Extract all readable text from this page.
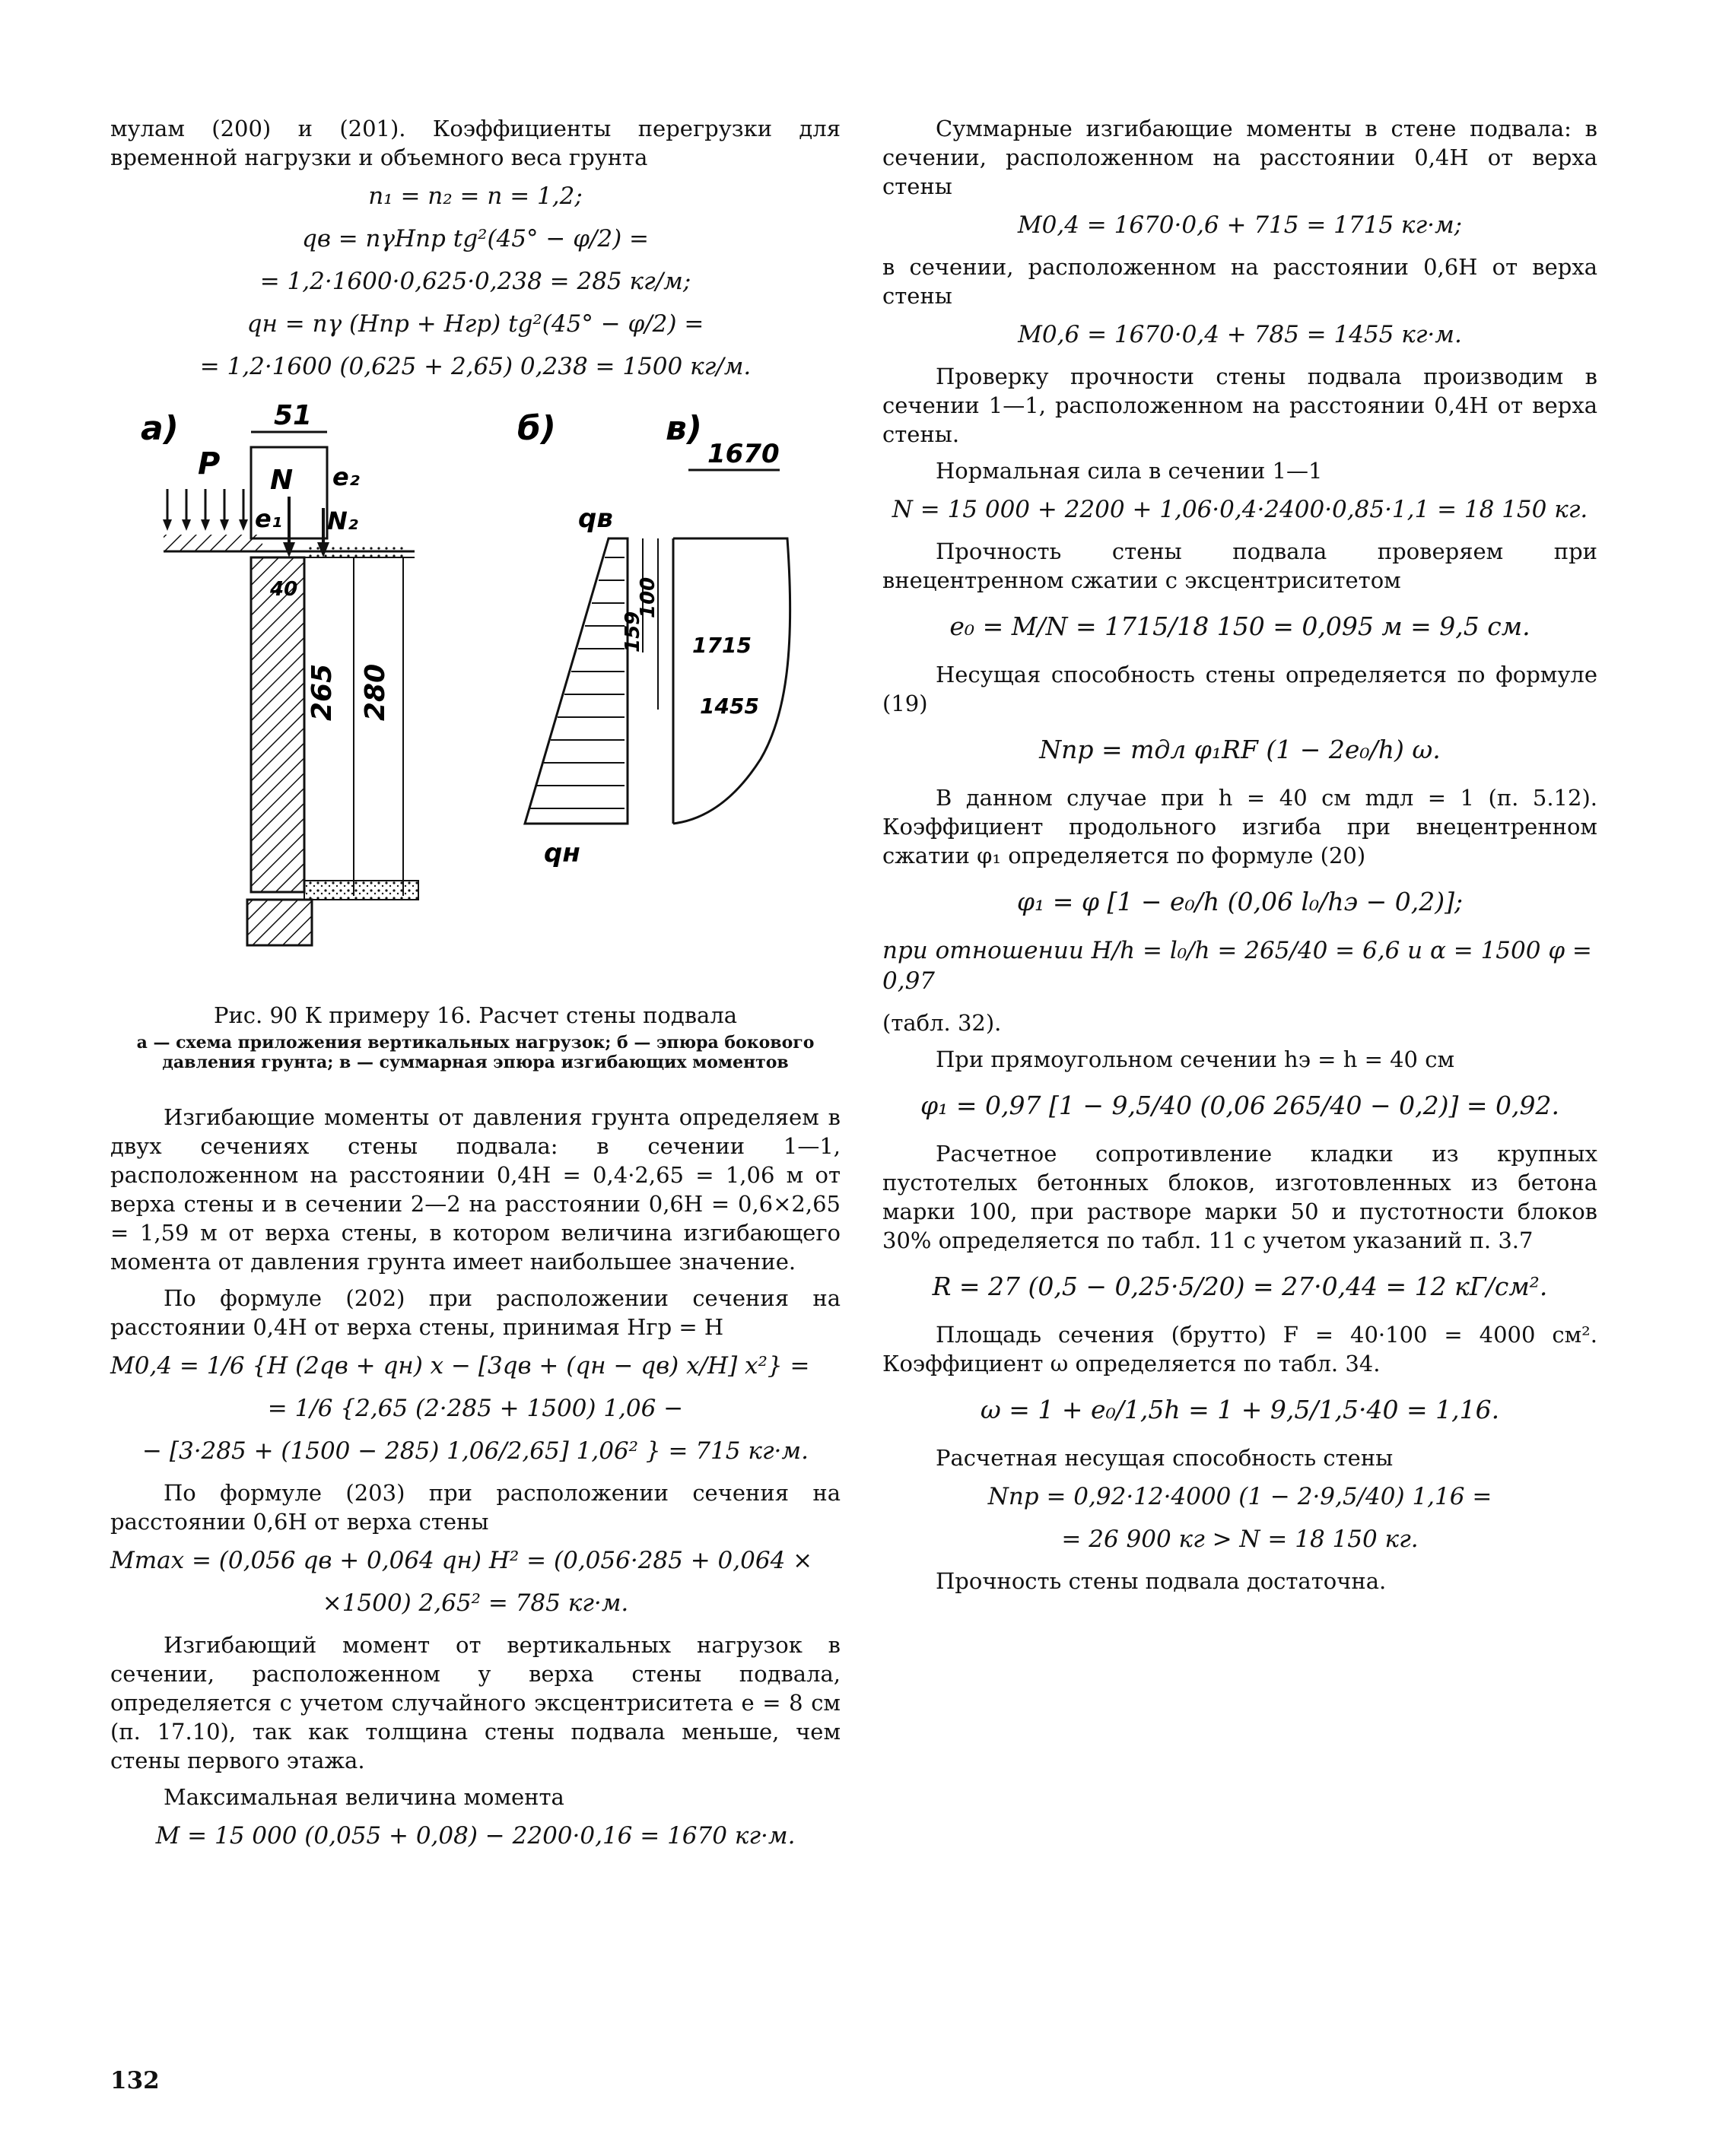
мулам (200) и (201). Коэффициенты перегрузки для временной нагрузки и объемного веса грунта

n₁ = n₂ = n = 1,2;
qв = nγHпр tg²(45° − φ/2) =
= 1,2·1600·0,625·0,238 = 285 кг/м;
qн = nγ (Hпр + Hгр) tg²(45° − φ/2) =
= 1,2·1600 (0,625 + 2,65) 0,238 = 1500 кг/м.
а)	51
N
e₁
e₂
N₂
P
40
265 280
б)
qв
qн
в)
1670
100
159 1715
1455
Рис. 90 К примеру 16. Расчет стены подвала
а — схема приложения вертикальных нагрузок; б — эпюра бокового давления грунта; в — суммарная эпюра изгибающих моментов

Изгибающие моменты от давления грунта определяем в двух сечениях стены подвала: в сечении 1—1, расположенном на расстоянии 0,4H = 0,4·2,65 = 1,06 м от верха стены и в сечении 2—2 на расстоянии 0,6H = 0,6×2,65 = 1,59 м от верха стены, в котором величина изгибающего момента от давления грунта имеет наибольшее значение.

По формуле (202) при расположении сечения на расстоянии 0,4H от верха стены, принимая Hгр = H

M0,4 = 1/6 {H (2qв + qн) x − [3qв + (qн − qв) x/H] x²} =
= 1/6 {2,65 (2·285 + 1500) 1,06 −
− [3·285 + (1500 − 285) 1,06/2,65] 1,06² } = 715 кг·м.

По формуле (203) при расположении сечения на расстоянии 0,6H от верха стены

Mmax = (0,056 qв + 0,064 qн) H² = (0,056·285 + 0,064 ×
×1500) 2,65² = 785 кг·м.

Изгибающий момент от вертикальных нагрузок в сечении, расположенном у верха стены подвала, определяется с учетом случайного эксцентриситета e = 8 см (п. 17.10), так как толщина стены подвала меньше, чем стены первого этажа.

Максимальная величина момента

M = 15 000 (0,055 + 0,08) − 2200·0,16 = 1670 кг·м.

Суммарные изгибающие моменты в стене подвала: в сечении, расположенном на расстоянии 0,4H от верха стены

M0,4 = 1670·0,6 + 715 = 1715 кг·м;

в сечении, расположенном на расстоянии 0,6H от верха стены

M0,6 = 1670·0,4 + 785 = 1455 кг·м.

Проверку прочности стены подвала производим в сечении 1—1, расположенном на расстоянии 0,4H от верха стены.

Нормальная сила в сечении 1—1

N = 15 000 + 2200 + 1,06·0,4·2400·0,85·1,1 = 18 150 кг.

Прочность стены подвала проверяем при внецентренном сжатии с эксцентриситетом

e₀ = M/N = 1715/18 150 = 0,095 м = 9,5 см.

Несущая способность стены определяется по формуле (19)

Nпр = mдл φ₁RF (1 − 2e₀/h) ω.

В данном случае при h = 40 см mдл = 1 (п. 5.12). Коэффициент продольного изгиба при внецентренном сжатии φ₁ определяется по формуле (20)

φ₁ = φ [1 − e₀/h (0,06 l₀/hэ − 0,2)];
при отношении H/h = l₀/h = 265/40 = 6,6 и α = 1500 φ = 0,97

(табл. 32).

При прямоугольном сечении hэ = h = 40 см

φ₁ = 0,97 [1 − 9,5/40 (0,06 265/40 − 0,2)] = 0,92.

Расчетное сопротивление кладки из крупных пустотелых бетонных блоков, изготовленных из бетона марки 100, при растворе марки 50 и пустотности блоков 30% определяется по табл. 11 с учетом указаний п. 3.7

R = 27 (0,5 − 0,25·5/20) = 27·0,44 = 12 кГ/см².

Площадь сечения (брутто) F = 40·100 = 4000 см². Коэффициент ω определяется по табл. 34.

ω = 1 + e₀/1,5h = 1 + 9,5/1,5·40 = 1,16.

Расчетная несущая способность стены

Nпр = 0,92·12·4000 (1 − 2·9,5/40) 1,16 =
= 26 900 кг > N = 18 150 кг.

Прочность стены подвала достаточна.

132
